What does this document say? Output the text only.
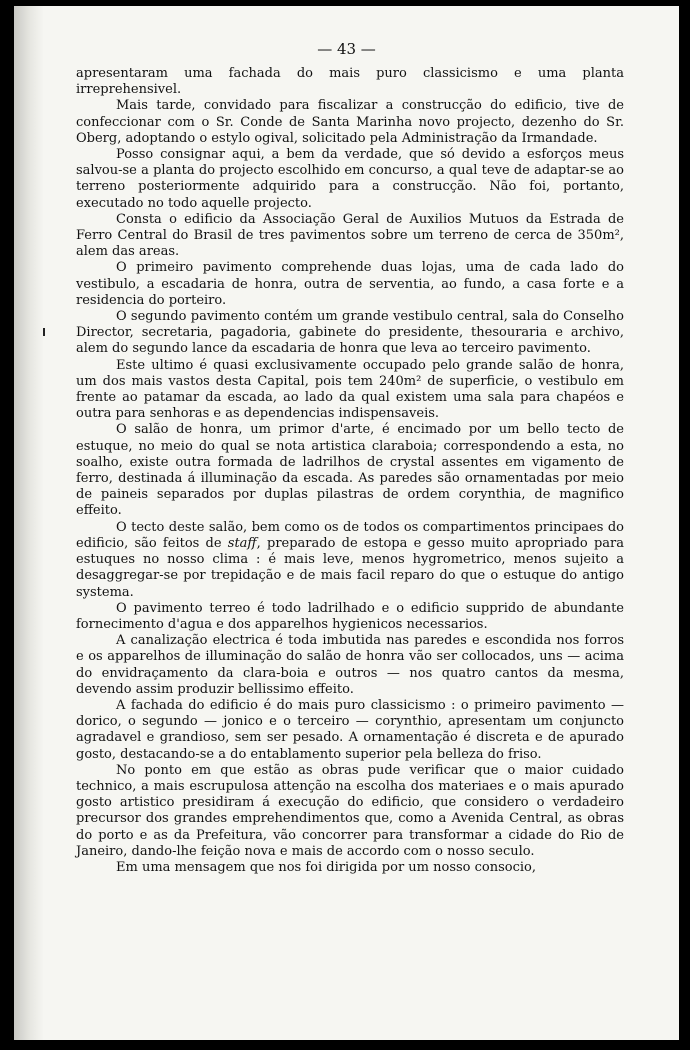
— 43 —

apresentaram uma fachada do mais puro classicismo e uma planta irreprehensivel.

Mais tarde, convidado para fiscalizar a construcção do edificio, tive de confeccionar com o Sr. Conde de Santa Marinha novo projecto, dezenho do Sr. Oberg, adoptando o estylo ogival, solicitado pela Administração da Irmandade.

Posso consignar aqui, a bem da verdade, que só devido a esforços meus salvou-se a planta do projecto escolhido em concurso, a qual teve de adaptar-se ao terreno posteriormente adquirido para a construcção. Não foi, portanto, executado no todo aquelle projecto.

Consta o edificio da Associação Geral de Auxilios Mutuos da Estrada de Ferro Central do Brasil de tres pavimentos sobre um terreno de cerca de 350m², alem das areas.

O primeiro pavimento comprehende duas lojas, uma de cada lado do vestibulo, a escadaria de honra, outra de serventia, ao fundo, a casa forte e a residencia do porteiro.

O segundo pavimento contém um grande vestibulo central, sala do Conselho Director, secretaria, pagadoria, gabinete do presidente, thesouraria e archivo, alem do segundo lance da escadaria de honra que leva ao terceiro pavimento.

Este ultimo é quasi exclusivamente occupado pelo grande salão de honra, um dos mais vastos desta Capital, pois tem 240m² de superficie, o vestibulo em frente ao patamar da escada, ao lado da qual existem uma sala para chapéos e outra para senhoras e as dependencias indispensaveis.

O salão de honra, um primor d'arte, é encimado por um bello tecto de estuque, no meio do qual se nota artistica claraboia; correspondendo a esta, no soalho, existe outra formada de ladrilhos de crystal assentes em vigamento de ferro, destinada á illuminação da escada. As paredes são ornamentadas por meio de paineis separados por duplas pilastras de ordem corynthia, de magnifico effeito.

O tecto deste salão, bem como os de todos os compartimentos principaes do edificio, são feitos de staff, preparado de estopa e gesso muito apropriado para estuques no nosso clima : é mais leve, menos hygrometrico, menos sujeito a desaggregar-se por trepidação e de mais facil reparo do que o estuque do antigo systema.

O pavimento terreo é todo ladrilhado e o edificio supprido de abundante fornecimento d'agua e dos apparelhos hygienicos necessarios.

A canalização electrica é toda imbutida nas paredes e escondida nos forros e os apparelhos de illuminação do salão de honra vão ser collocados, uns — acima do envidraçamento da clara-boia e outros — nos quatro cantos da mesma, devendo assim produzir bellissimo effeito.

A fachada do edificio é do mais puro classicismo : o primeiro pavimento — dorico, o segundo — jonico e o terceiro — corynthio, apresentam um conjuncto agradavel e grandioso, sem ser pesado. A ornamentação é discreta e de apurado gosto, destacando-se a do entablamento superior pela belleza do friso.

No ponto em que estão as obras pude verificar que o maior cuidado technico, a mais escrupulosa attenção na escolha dos materiaes e o mais apurado gosto artistico presidiram á execução do edificio, que considero o verdadeiro precursor dos grandes emprehendimentos que, como a Avenida Central, as obras do porto e as da Prefeitura, vão concorrer para transformar a cidade do Rio de Janeiro, dando-lhe feição nova e mais de accordo com o nosso seculo.

Em uma mensagem que nos foi dirigida por um nosso consocio,
